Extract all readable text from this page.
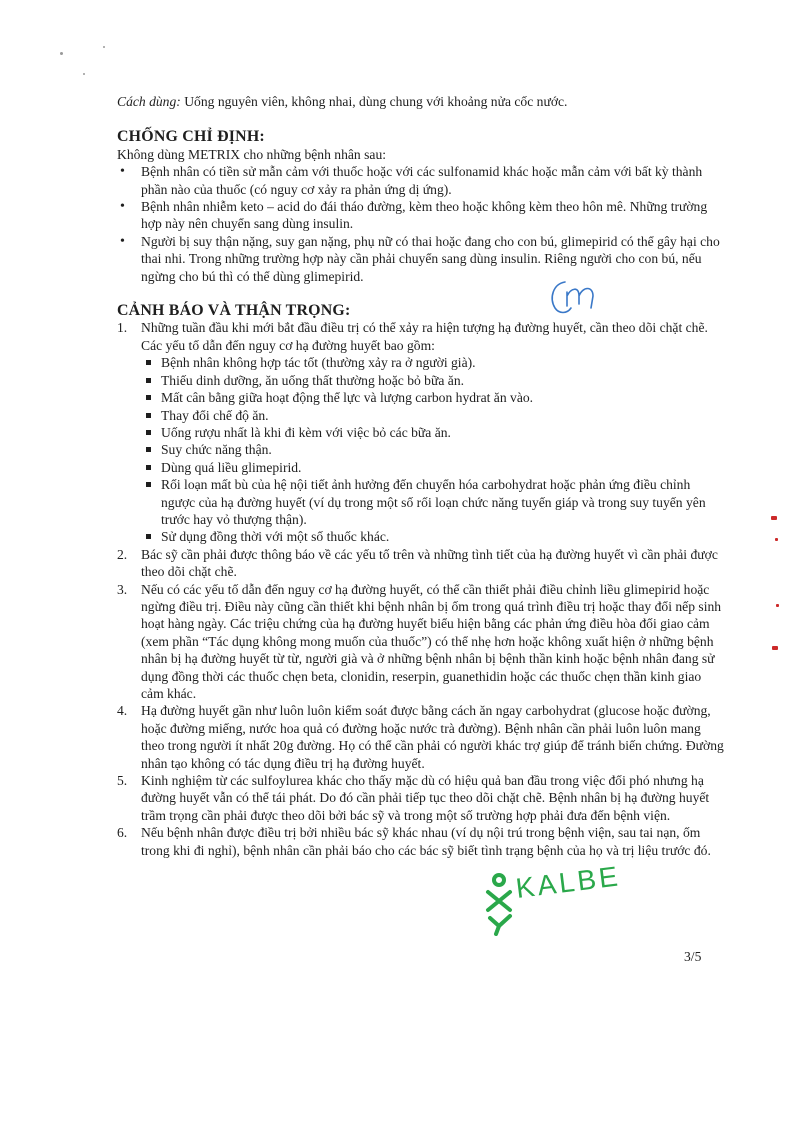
Cách dùng: Uống nguyên viên, không nhai, dùng chung với khoảng nửa cốc nước.

CHỐNG CHỈ ĐỊNH:

Không dùng METRIX cho những bệnh nhân sau:

• Bệnh nhân có tiền sử mẫn cảm với thuốc hoặc với các sulfonamid khác hoặc mẫn cảm với bất kỳ thành phần nào của thuốc (có nguy cơ xảy ra phản ứng dị ứng).
• Bệnh nhân nhiễm keto – acid do đái tháo đường, kèm theo hoặc không kèm theo hôn mê. Những trường hợp này nên chuyển sang dùng insulin.
• Người bị suy thận nặng, suy gan nặng, phụ nữ có thai hoặc đang cho con bú, glimepirid có thể gây hại cho thai nhi. Trong những trường hợp này cần phải chuyển sang dùng insulin. Riêng người cho con bú, nếu ngừng cho bú thì có thể dùng glimepirid.
CẢNH BÁO VÀ THẬN TRỌNG:
1. Những tuần đầu khi mới bắt đầu điều trị có thể xảy ra hiện tượng hạ đường huyết, cần theo dõi chặt chẽ. Các yếu tố dẫn đến nguy cơ hạ đường huyết bao gồm:
Bệnh nhân không hợp tác tốt (thường xảy ra ở người già).
Thiếu dinh dưỡng, ăn uống thất thường hoặc bỏ bữa ăn.
Mất cân bằng giữa hoạt động thể lực và lượng carbon hydrat ăn vào.
Thay đổi chế độ ăn.
Uống rượu nhất là khi đi kèm với việc bỏ các bữa ăn.
Suy chức năng thận.
Dùng quá liều glimepirid.
Rối loạn mất bù của hệ nội tiết ảnh hưởng đến chuyển hóa carbohydrat hoặc phản ứng điều chỉnh ngược của hạ đường huyết (ví dụ trong một số rối loạn chức năng tuyến giáp và trong suy tuyến yên trước hay vỏ thượng thận).
Sử dụng đồng thời với một số thuốc khác.
2. Bác sỹ cần phải được thông báo về các yếu tố trên và những tình tiết của hạ đường huyết vì cần phải được theo dõi chặt chẽ.
3. Nếu có các yếu tố dẫn đến nguy cơ hạ đường huyết, có thể cần thiết phải điều chỉnh liều glimepirid hoặc ngừng điều trị. Điều này cũng cần thiết khi bệnh nhân bị ốm trong quá trình điều trị hoặc thay đổi nếp sinh hoạt hàng ngày. Các triệu chứng của hạ đường huyết biểu hiện bằng các phản ứng điều hòa đối giao cảm (xem phần “Tác dụng không mong muốn của thuốc”) có thể nhẹ hơn hoặc không xuất hiện ở những bệnh nhân bị hạ đường huyết từ từ, người già và ở những bệnh nhân bị bệnh thần kinh hoặc bệnh nhân đang sử dụng đồng thời các thuốc chẹn beta, clonidin, reserpin, guanethidin hoặc các thuốc chẹn thần kinh giao cảm khác.
4. Hạ đường huyết gần như luôn luôn kiểm soát được bằng cách ăn ngay carbohydrat (glucose hoặc đường, hoặc đường miếng, nước hoa quả có đường hoặc nước trà đường). Bệnh nhân cần phải luôn luôn mang theo trong người ít nhất 20g đường. Họ có thể cần phải có người khác trợ giúp để tránh biến chứng. Đường nhân tạo không có tác dụng điều trị hạ đường huyết.
5. Kinh nghiệm từ các sulfoylurea khác cho thấy mặc dù có hiệu quả ban đầu trong việc đối phó nhưng hạ đường huyết vẫn có thể tái phát. Do đó cần phải tiếp tục theo dõi chặt chẽ. Bệnh nhân bị hạ đường huyết trầm trọng cần phải được theo dõi bởi bác sỹ và trong một số trường hợp phải đưa đến bệnh viện.
6. Nếu bệnh nhân được điều trị bởi nhiều bác sỹ khác nhau (ví dụ nội trú trong bệnh viện, sau tai nạn, ốm trong khi đi nghỉ), bệnh nhân cần phải báo cho các bác sỹ biết tình trạng bệnh của họ và trị liệu trước đó.
KALBE
3/5
